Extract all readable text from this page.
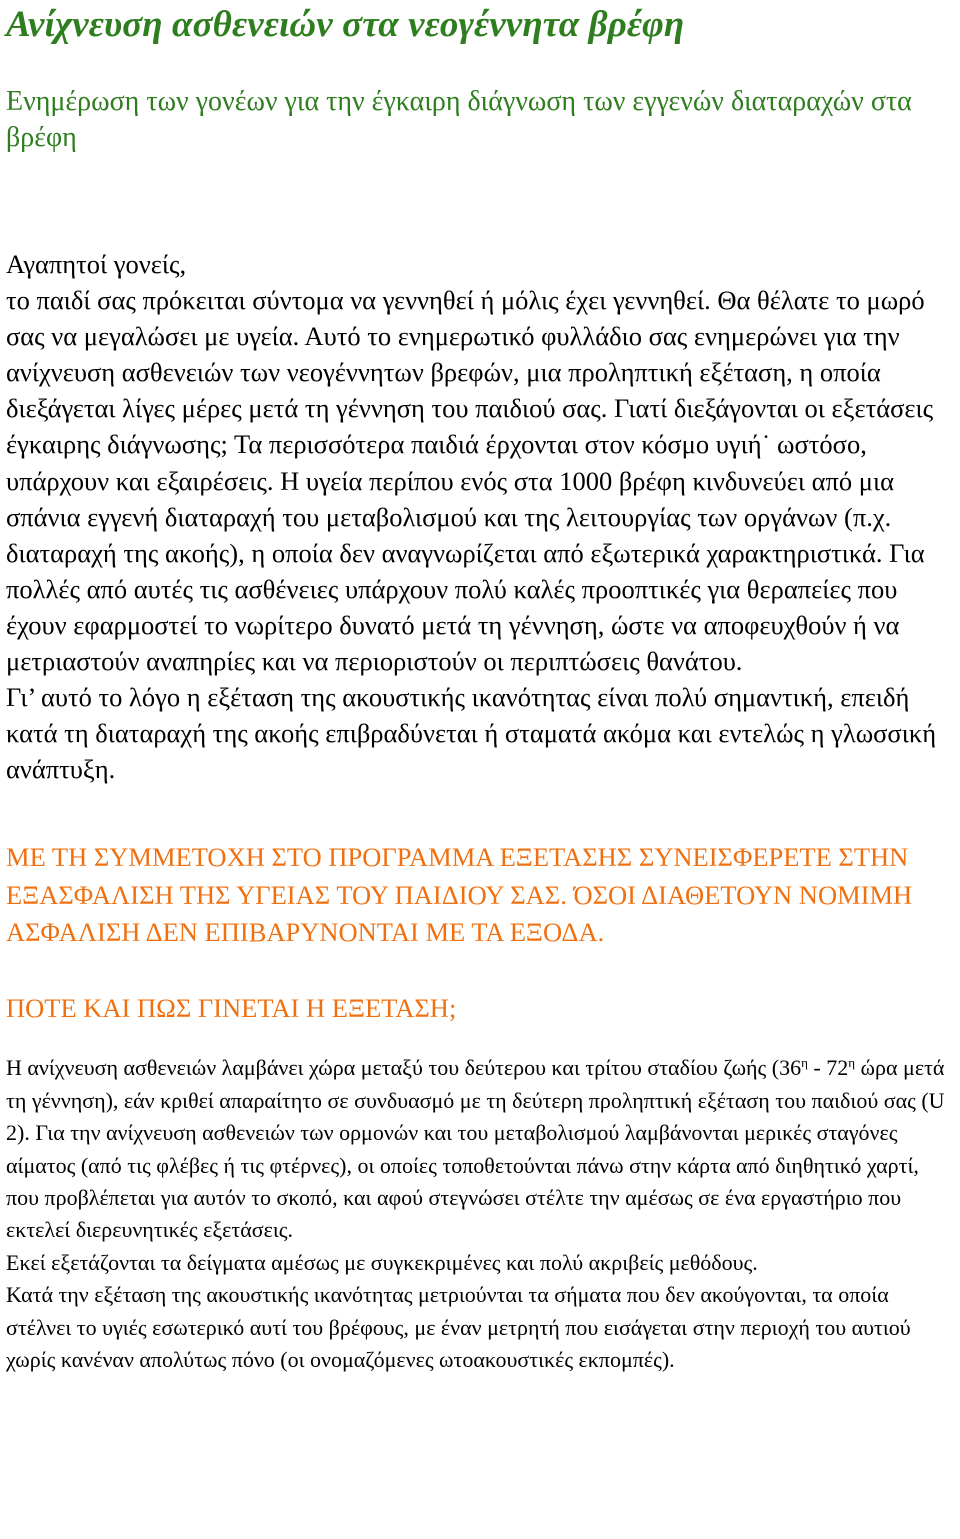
Ανίχνευση ασθενειών στα νεογέννητα βρέφη

Ενημέρωση των γονέων για την έγκαιρη διάγνωση των εγγενών διαταραχών στα βρέφη

Αγαπητοί γονείς,

το παιδί σας πρόκειται σύντομα να γεννηθεί ή μόλις έχει γεννηθεί. Θα θέλατε το μωρό σας να μεγαλώσει με υγεία. Αυτό το ενημερωτικό φυλλάδιο σας ενημερώνει για την ανίχνευση ασθενειών των νεογέννητων βρεφών, μια προληπτική εξέταση, η οποία διεξάγεται λίγες μέρες μετά τη γέννηση του παιδιού σας. Γιατί διεξάγονται οι εξετάσεις έγκαιρης διάγνωσης; Τα περισσότερα παιδιά έρχονται στον κόσμο υγιή˙ ωστόσο, υπάρχουν και εξαιρέσεις. Η υγεία περίπου ενός στα 1000 βρέφη κινδυνεύει από μια σπάνια εγγενή διαταραχή του μεταβολισμού και της λειτουργίας των οργάνων (π.χ. διαταραχή της ακοής), η οποία δεν αναγνωρίζεται από εξωτερικά χαρακτηριστικά. Για πολλές από αυτές τις ασθένειες υπάρχουν πολύ καλές προοπτικές για θεραπείες που έχουν εφαρμοστεί το νωρίτερο δυνατό μετά τη γέννηση, ώστε να αποφευχθούν ή να μετριαστούν αναπηρίες και να περιοριστούν οι περιπτώσεις θανάτου.

Γι’ αυτό το λόγο η εξέταση της ακουστικής ικανότητας είναι πολύ σημαντική, επειδή κατά τη διαταραχή της ακοής επιβραδύνεται ή σταματά ακόμα και εντελώς η γλωσσική ανάπτυξη.

ΜΕ ΤΗ ΣΥΜΜΕΤΟΧΗ ΣΤΟ ΠΡΟΓΡΑΜΜΑ ΕΞΕΤΑΣΗΣ ΣΥΝΕΙΣΦΕΡΕΤΕ ΣΤΗΝ ΕΞΑΣΦΑΛΙΣΗ ΤΗΣ ΥΓΕΙΑΣ ΤΟΥ ΠΑΙΔΙΟΥ ΣΑΣ. ΌΣΟΙ ΔΙΑΘΕΤΟΥΝ ΝΟΜΙΜΗ ΑΣΦΑΛΙΣΗ ΔΕΝ ΕΠΙΒΑΡΥΝΟΝΤΑΙ ΜΕ ΤΑ ΕΞΟΔΑ.

ΠΟΤΕ ΚΑΙ ΠΩΣ ΓΙΝΕΤΑΙ Η ΕΞΕΤΑΣΗ;

Η ανίχνευση ασθενειών λαμβάνει χώρα μεταξύ του δεύτερου και τρίτου σταδίου ζωής ($36^\eta - 72^\eta$ ώρα μετά τη γέννηση), εάν κριθεί απαραίτητο σε συνδυασμό με τη δεύτερη προληπτική εξέταση του παιδιού σας (U 2). Για την ανίχνευση ασθενειών των ορμονών και του μεταβολισμού λαμβάνονται μερικές σταγόνες αίματος (από τις φλέβες ή τις φτέρνες), οι οποίες τοποθετούνται πάνω στην κάρτα από διηθητικό χαρτί, που προβλέπεται για αυτόν το σκοπό, και αφού στεγνώσει στέλτε την αμέσως σε ένα εργαστήριο που εκτελεί διερευνητικές εξετάσεις.

Εκεί εξετάζονται τα δείγματα αμέσως με συγκεκριμένες και πολύ ακριβείς μεθόδους.

Κατά την εξέταση της ακουστικής ικανότητας μετριούνται τα σήματα που δεν ακούγονται, τα οποία στέλνει το υγιές εσωτερικό αυτί του βρέφους, με έναν μετρητή που εισάγεται στην περιοχή του αυτιού χωρίς κανέναν απολύτως πόνο (οι ονομαζόμενες ωτοακουστικές εκπομπές).
